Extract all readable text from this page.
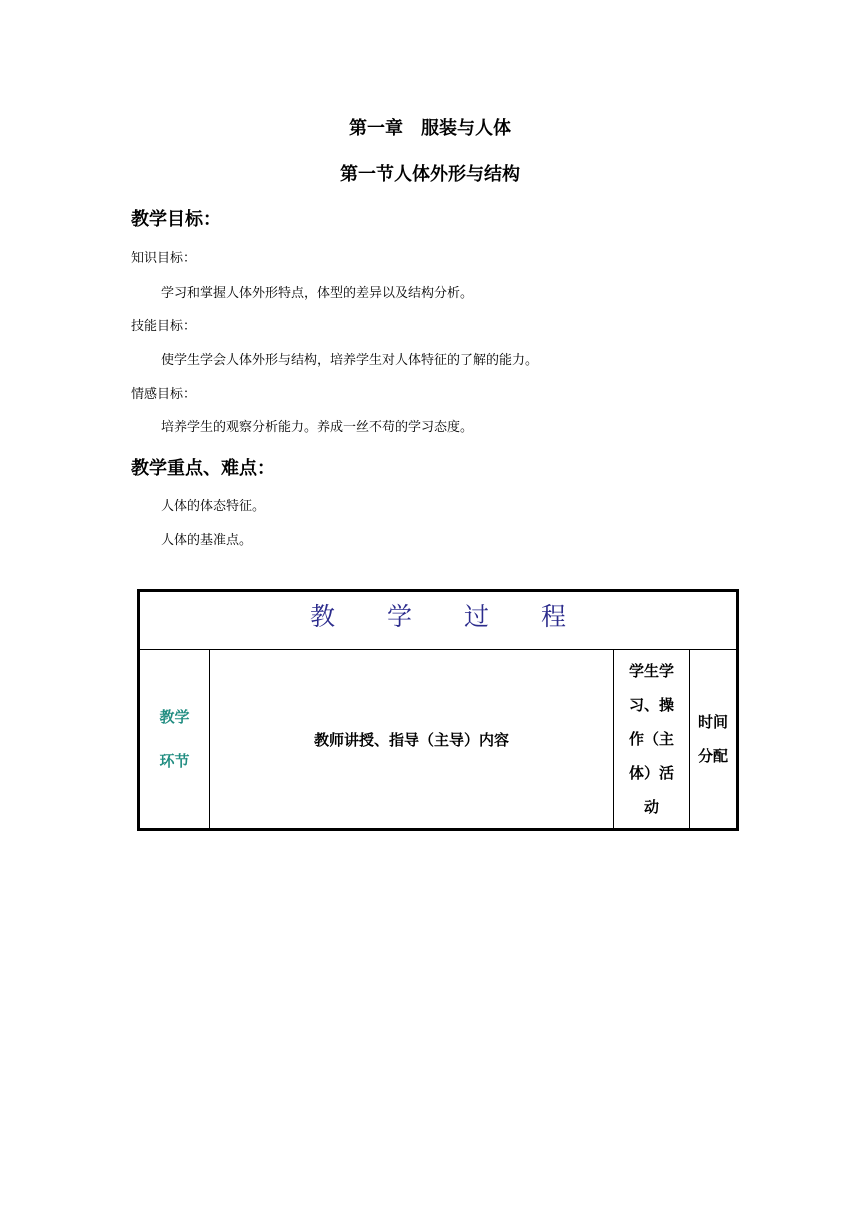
第一章　服装与人体
第一节人体外形与结构
教学目标：
知识目标：
学习和掌握人体外形特点，体型的差异以及结构分析。
技能目标：
使学生学会人体外形与结构，培养学生对人体特征的了解的能力。
情感目标：
培养学生的观察分析能力。养成一丝不苟的学习态度。
教学重点、难点：
人体的体态特征。
人体的基准点。
教学过程
教学
环节
教师讲授、指导（主导）内容
学生学
习、操
作（主
体）活
动
时间
分配
